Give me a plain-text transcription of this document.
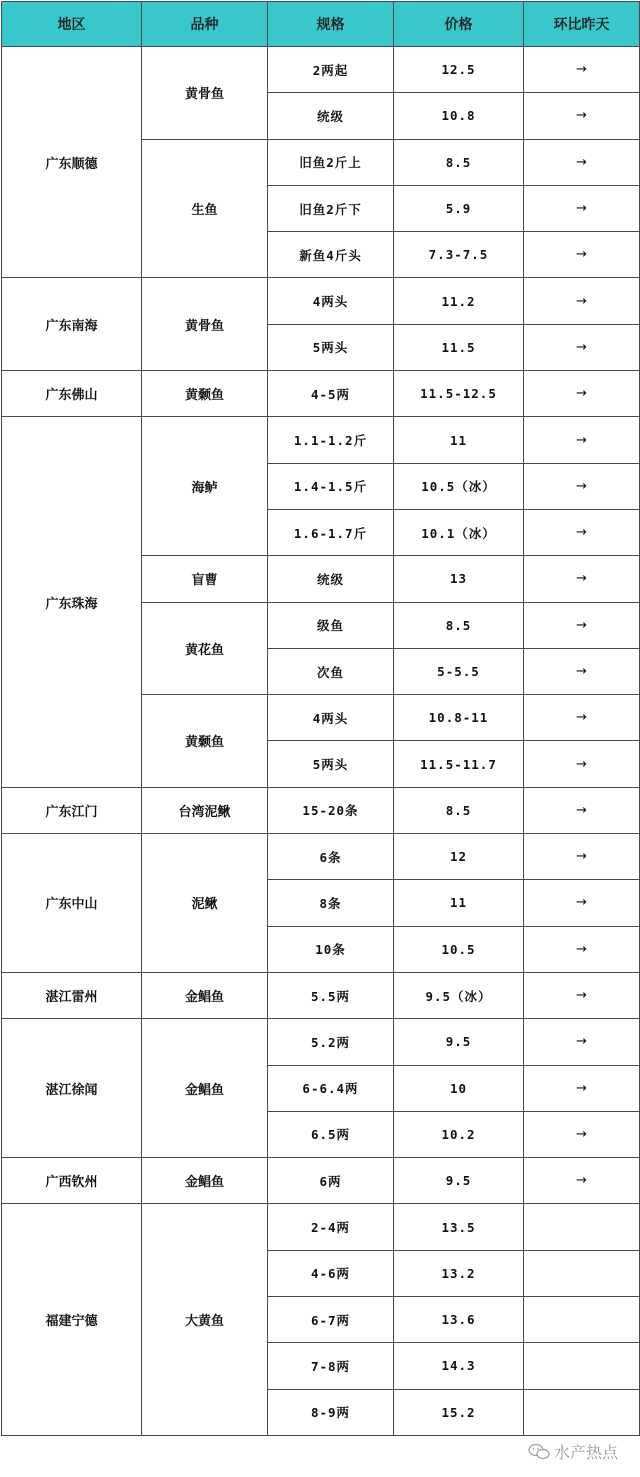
地区	品种	规格	价格	环比昨天
广东顺德	黄骨鱼	2两起	12.5	→
		统级	10.8	→
	生鱼	旧鱼2斤上	8.5	→
		旧鱼2斤下	5.9	→
		新鱼4斤头	7.3-7.5	→
广东南海	黄骨鱼	4两头	11.2	→
		5两头	11.5	→
广东佛山	黄颡鱼	4-5两	11.5-12.5	→
广东珠海	海鲈	1.1-1.2斤	11	→
		1.4-1.5斤	10.5（冰）	→
		1.6-1.7斤	10.1（冰）	→
	盲曹	统级	13	→
	黄花鱼	级鱼	8.5	→
		次鱼	5-5.5	→
	黄颡鱼	4两头	10.8-11	→
		5两头	11.5-11.7	→
广东江门	台湾泥鳅	15-20条	8.5	→
广东中山	泥鳅	6条	12	→
		8条	11	→
		10条	10.5	→
湛江雷州	金鲳鱼	5.5两	9.5（冰）	→
湛江徐闻	金鲳鱼	5.2两	9.5	→
		6-6.4两	10	→
		6.5两	10.2	→
广西钦州	金鲳鱼	6两	9.5	→
福建宁德	大黄鱼	2-4两	13.5	
		4-6两	13.2	
		6-7两	13.6	
		7-8两	14.3	
		8-9两	15.2	
水产热点
